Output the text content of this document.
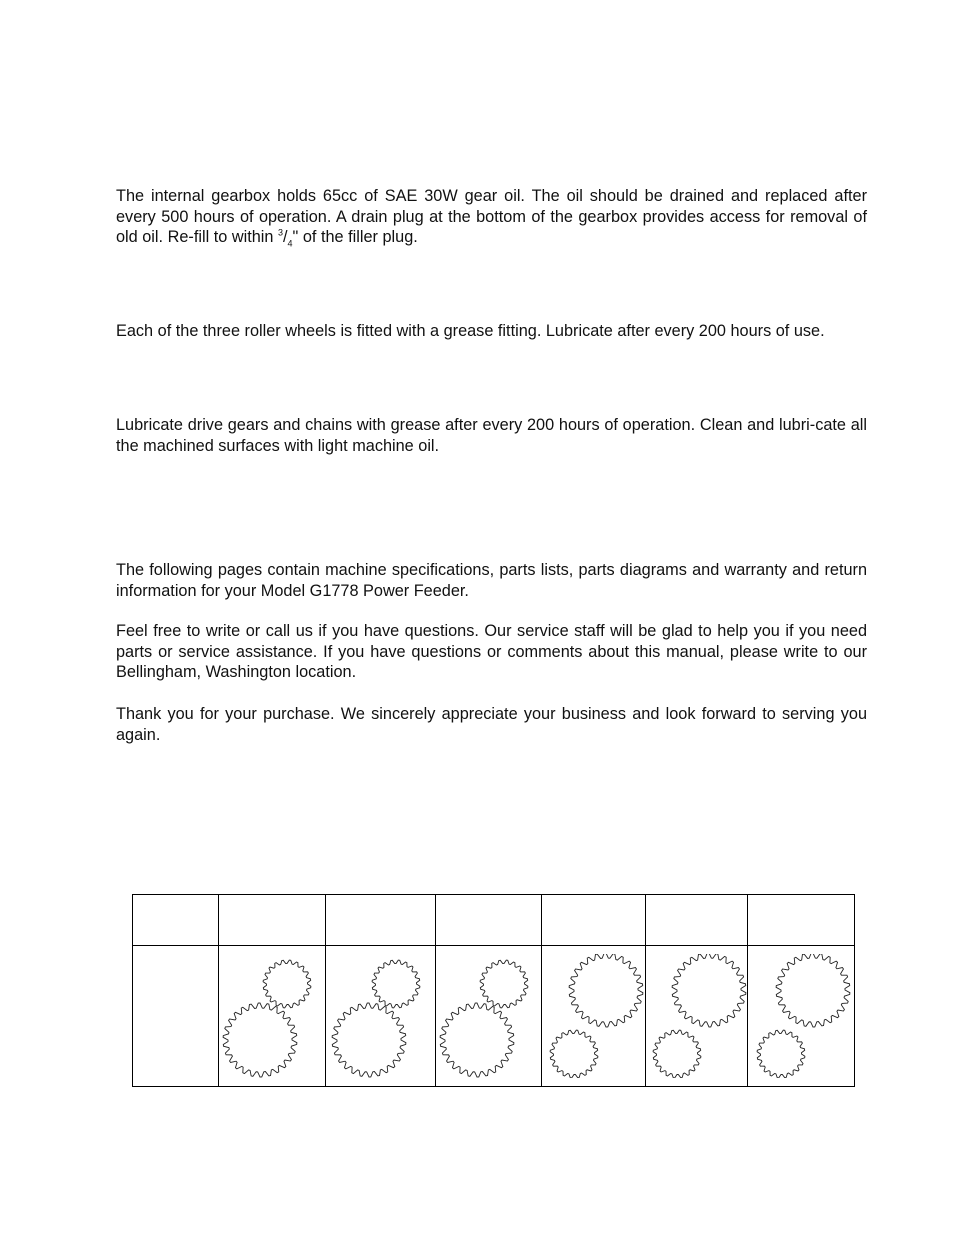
The internal gearbox holds 65cc of SAE 30W gear oil. The oil should be drained and replaced after every 500 hours of operation. A drain plug at the bottom of the gearbox provides access for removal of old oil. Re-fill to within $^3/_4$" of the filler plug.

Each of the three roller wheels is fitted with a grease fitting. Lubricate after every 200 hours of use.

Lubricate drive gears and chains with grease after every 200 hours of operation. Clean and lubri-cate all the machined surfaces with light machine oil.

The following pages contain machine specifications, parts lists, parts diagrams and warranty and return information for your Model G1778 Power Feeder.

Feel free to write or call us if you have questions. Our service staff will be glad to help you if you need parts or service assistance. If you have questions or comments about this manual, please write to our Bellingham, Washington location.

Thank you for your purchase. We sincerely appreciate your business and look forward to serving you again.
